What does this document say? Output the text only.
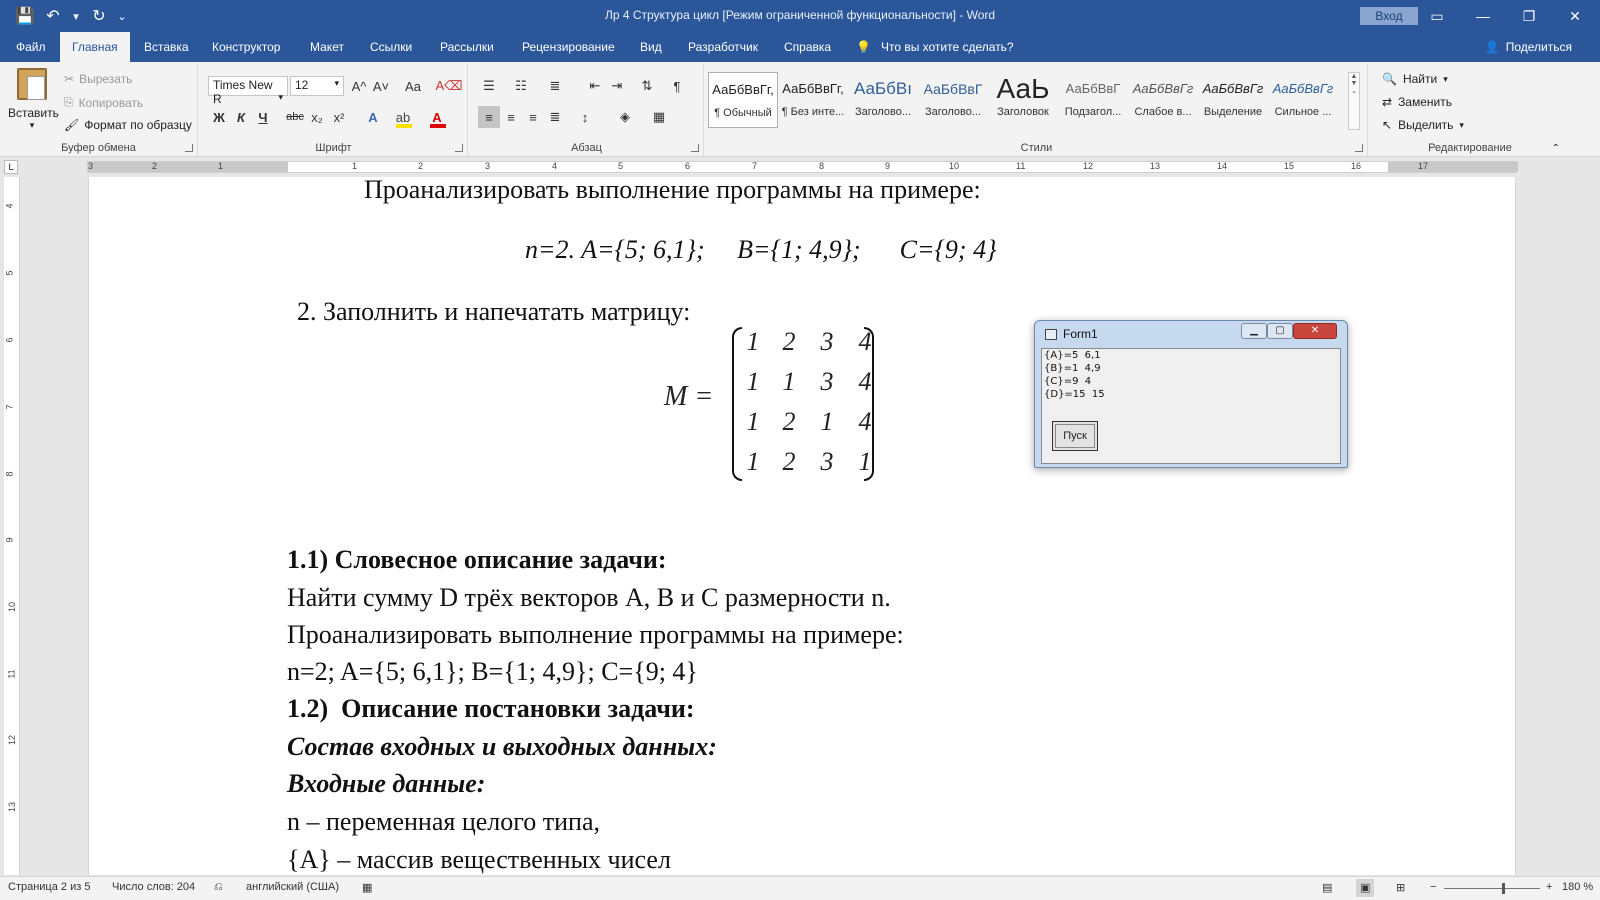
💾 ↶	▾ ↻	⌄	Лр 4 Структура цикл [Режим ограниченной функциональности] - Word	Вход	▭	—	❐	✕
Файл	Главная	Вставка	Конструктор	Макет	Ссылки	Рассылки	Рецензирование	Вид	Разработчик	Справка	💡 Что вы хотите сделать?	👤 Поделиться
Вставить
▾
✂ Вырезать
⎘ Копировать
🖌 Формат по образцу
Буфер обмена
Times New R	▾
12	▾ A^ A˅	Aa	A⌫
Ж К	Ч	abc x₂ x²	A	ab	A
Шрифт
☰	☷	≣	⇤ ⇥	⇅	¶
≡	≡	≡ ≣	↕	◈	▦
Абзац
АаБбВвГг,
¶ Обычный
АаБбВвГг,
¶ Без инте...
АаБбВı
Заголово...
АаБбВвГ
Заголово...
АаЬ
Заголовок
АаБбВвГ
Подзагол...
АаБбВвГг
Слабое в...
АаБбВвГг
Выделение
АаБбВвГг
Сильное ...
▲
▼
⌄
Стили
🔍 Найти ▾
⇄ Заменить
↖ Выделить ▾
Редактирование	⌃
L	3	2	1	1	2	3	4	5	6	7	8	9	10	11	12	13	14	15	16	17
4
5
6
7
8
9
10
11
12
13
Проанализировать выполнение программы на примере:
n=2. A={5; 6,1};     B={1; 4,9};      C={9; 4}
2. Заполнить и напечатать матрицу:
M =
1 2 3 4
1 1 3 4
1 2 1 4
1 2 3 1
1.1) Словесное описание задачи:
Найти сумму D трёх векторов A, B и C размерности n.
Проанализировать выполнение программы на примере:
n=2; A={5; 6,1}; B={1; 4,9}; C={9; 4}
1.2)  Описание постановки задачи:
Состав входных и выходных данных:
Входные данные:
n – переменная целого типа,
{A} – массив вещественных чисел
Form1	▁	▢	✕
{A}=5  6,1
{B}=1  4,9
{C}=9  4
{D}=15  15
Пуск
Страница 2 из 5 Число слов: 204 ⎌ английский (США) ▦	▤	▣	⊞ −	+ 180 %
